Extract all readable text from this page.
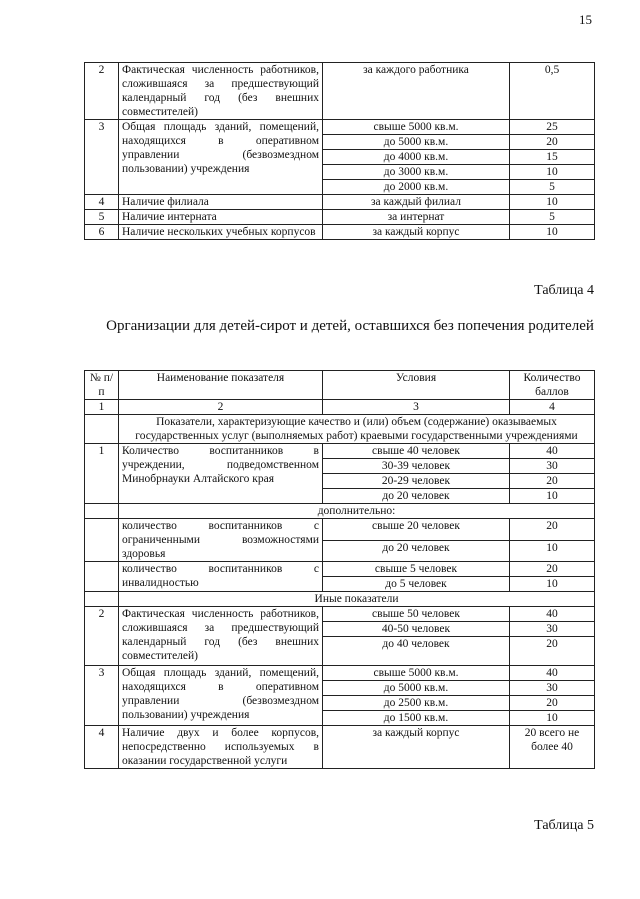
15
2	Фактическая численность работников, сложившаяся за предшествующий календарный год (без внешних совместителей)	за каждого работника	0,5
3	Общая площадь зданий, помещений, находящихся в оперативном управлении (безвозмездном пользовании) учреждения	свыше 5000 кв.м.	25
		до 5000 кв.м.	20
		до 4000 кв.м.	15
		до 3000 кв.м.	10
		до 2000 кв.м.	5
4	Наличие филиала	за каждый филиал	10
5	Наличие интерната	за интернат	5
6	Наличие нескольких учебных корпусов	за каждый корпус	10
Таблица 4
Организации для детей-сирот и детей, оставшихся без попечения родителей
№ п/п	Наименование показателя	Условия	Количество баллов
1	2	3	4
	Показатели, характеризующие качество и (или) объем (содержание) оказываемых государственных услуг (выполняемых работ) краевыми государственными учреждениями		
1	Количество воспитанников в учреждении, подведомственном Минобрнауки Алтайского края	свыше 40 человек	40
		30-39 человек	30
		20-29 человек	20
		до 20 человек	10
	дополнительно:		
	количество воспитанников с ограниченными возможностями здоровья	свыше 20 человек	20
		до 20 человек	10
	количество воспитанников с инвалидностью	свыше 5 человек	20
		до 5 человек	10
	Иные показатели		
2	Фактическая численность работников, сложившаяся за предшествующий календарный год (без внешних совместителей)	свыше 50 человек	40
		40-50 человек	30
		до 40 человек	20
3	Общая площадь зданий, помещений, находящихся в оперативном управлении (безвозмездном пользовании) учреждения	свыше 5000 кв.м.	40
		до 5000 кв.м.	30
		до 2500 кв.м.	20
		до 1500 кв.м.	10
4	Наличие двух и более корпусов, непосредственно используемых в оказании государственной услуги	за каждый корпус	20 всего не более 40
Таблица 5
